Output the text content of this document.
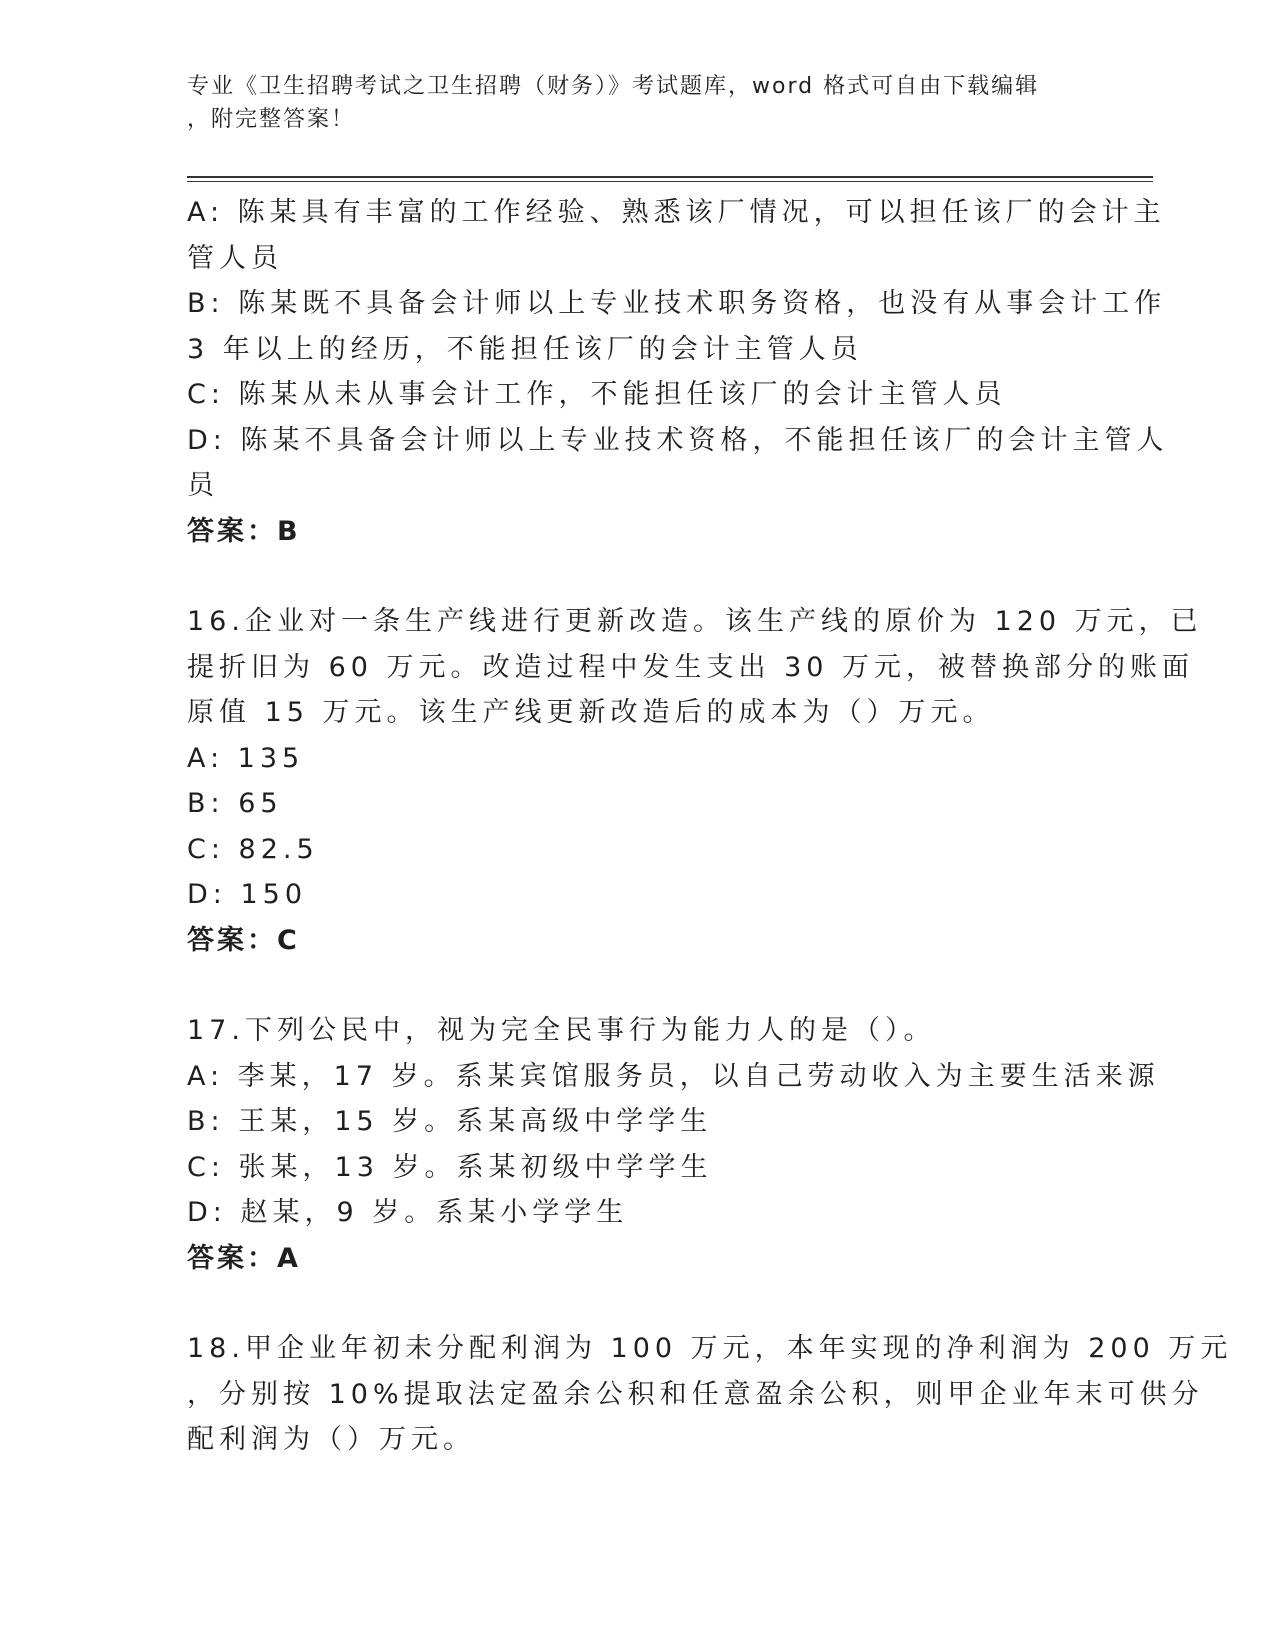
专业《卫生招聘考试之卫生招聘（财务）》考试题库，word 格式可自由下载编辑
，附完整答案！
A: 陈某具有丰富的工作经验、熟悉该厂情况，可以担任该厂的会计主
管人员
B: 陈某既不具备会计师以上专业技术职务资格，也没有从事会计工作
3 年以上的经历，不能担任该厂的会计主管人员
C: 陈某从未从事会计工作，不能担任该厂的会计主管人员
D: 陈某不具备会计师以上专业技术资格，不能担任该厂的会计主管人
员
答案：B
16.企业对一条生产线进行更新改造。该生产线的原价为 120 万元，已
提折旧为 60 万元。改造过程中发生支出 30 万元，被替换部分的账面
原值 15 万元。该生产线更新改造后的成本为（）万元。
A: 135
B: 65
C: 82.5
D: 150
答案：C
17.下列公民中，视为完全民事行为能力人的是（）。
A: 李某，17 岁。系某宾馆服务员，以自己劳动收入为主要生活来源
B: 王某，15 岁。系某高级中学学生
C: 张某，13 岁。系某初级中学学生
D: 赵某，9 岁。系某小学学生
答案：A
18.甲企业年初未分配利润为 100 万元，本年实现的净利润为 200 万元
，分别按 10%提取法定盈余公积和任意盈余公积，则甲企业年末可供分
配利润为（）万元。
